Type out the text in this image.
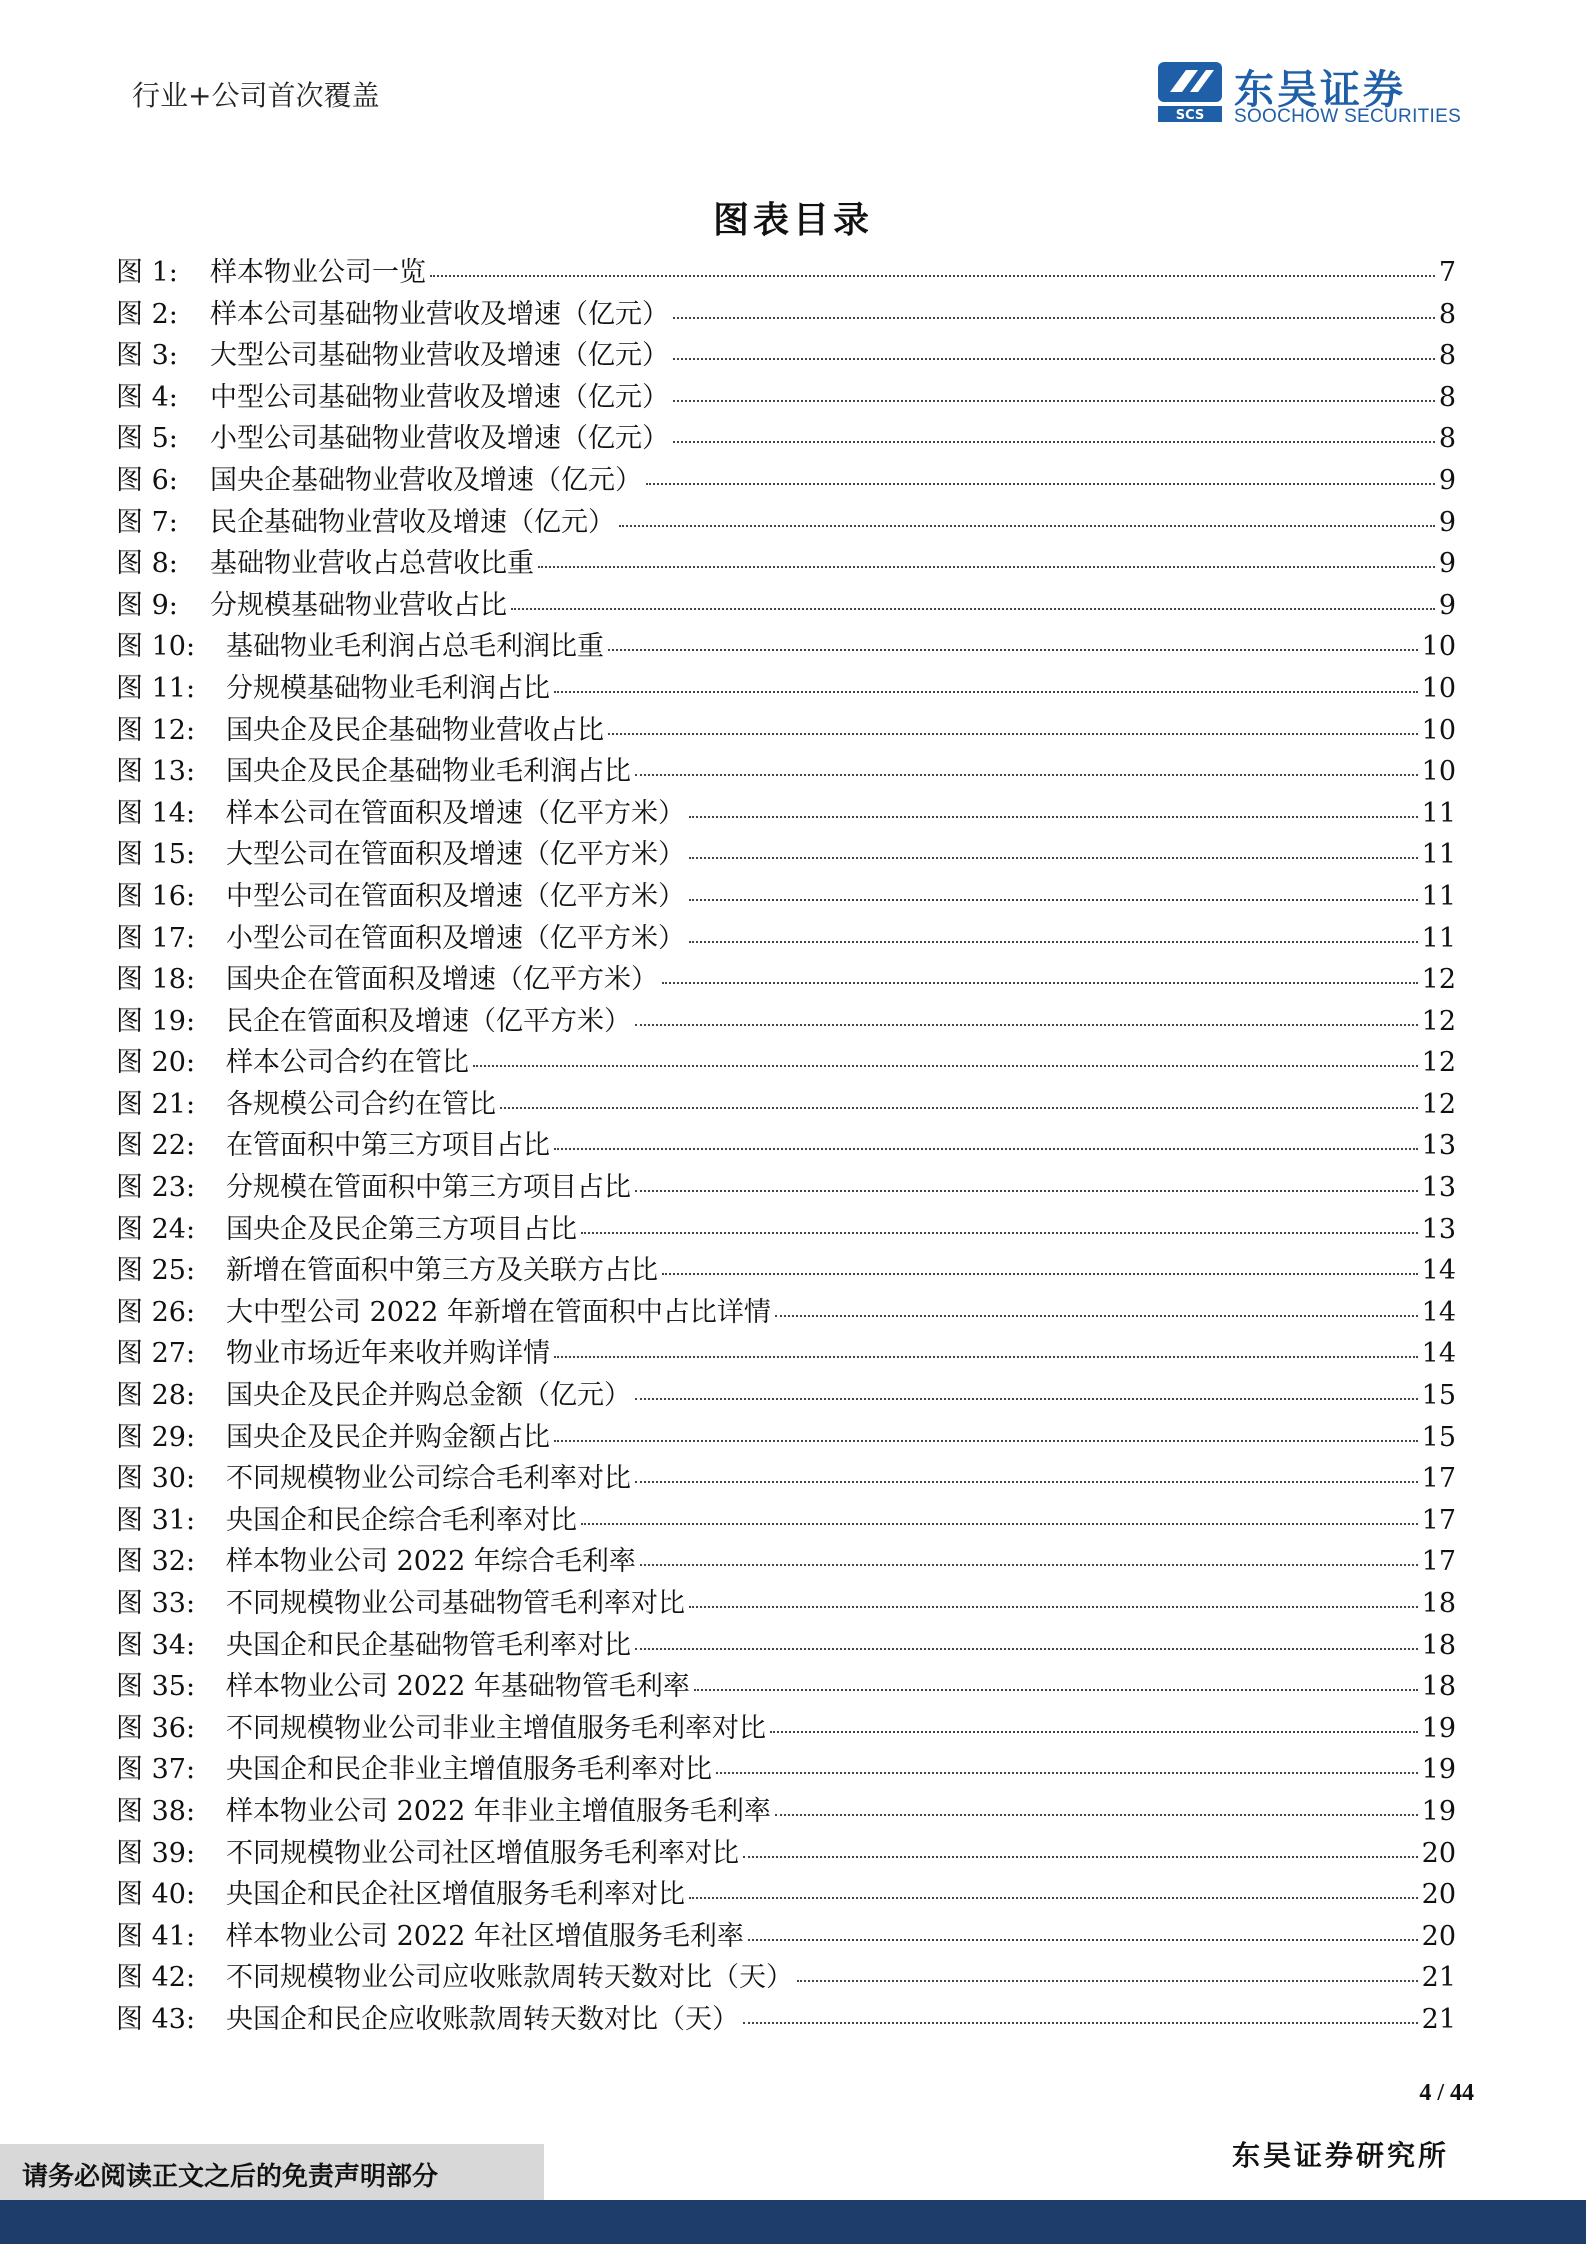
行业+公司首次覆盖
SCS
东吴证券
SOOCHOW SECURITIES
图表目录
图 1:	样本物业公司一览	7
图 2:	样本公司基础物业营收及增速（亿元）	8
图 3:	大型公司基础物业营收及增速（亿元）	8
图 4:	中型公司基础物业营收及增速（亿元）	8
图 5:	小型公司基础物业营收及增速（亿元）	8
图 6:	国央企基础物业营收及增速（亿元）	9
图 7:	民企基础物业营收及增速（亿元）	9
图 8:	基础物业营收占总营收比重	9
图 9:	分规模基础物业营收占比	9
图 10:	基础物业毛利润占总毛利润比重	10
图 11:	分规模基础物业毛利润占比	10
图 12:	国央企及民企基础物业营收占比	10
图 13:	国央企及民企基础物业毛利润占比	10
图 14:	样本公司在管面积及增速（亿平方米）	11
图 15:	大型公司在管面积及增速（亿平方米）	11
图 16:	中型公司在管面积及增速（亿平方米）	11
图 17:	小型公司在管面积及增速（亿平方米）	11
图 18:	国央企在管面积及增速（亿平方米）	12
图 19:	民企在管面积及增速（亿平方米）	12
图 20:	样本公司合约在管比	12
图 21:	各规模公司合约在管比	12
图 22:	在管面积中第三方项目占比	13
图 23:	分规模在管面积中第三方项目占比	13
图 24:	国央企及民企第三方项目占比	13
图 25:	新增在管面积中第三方及关联方占比	14
图 26:	大中型公司 2022 年新增在管面积中占比详情	14
图 27:	物业市场近年来收并购详情	14
图 28:	国央企及民企并购总金额（亿元）	15
图 29:	国央企及民企并购金额占比	15
图 30:	不同规模物业公司综合毛利率对比	17
图 31:	央国企和民企综合毛利率对比	17
图 32:	样本物业公司 2022 年综合毛利率	17
图 33:	不同规模物业公司基础物管毛利率对比	18
图 34:	央国企和民企基础物管毛利率对比	18
图 35:	样本物业公司 2022 年基础物管毛利率	18
图 36:	不同规模物业公司非业主增值服务毛利率对比	19
图 37:	央国企和民企非业主增值服务毛利率对比	19
图 38:	样本物业公司 2022 年非业主增值服务毛利率	19
图 39:	不同规模物业公司社区增值服务毛利率对比	20
图 40:	央国企和民企社区增值服务毛利率对比	20
图 41:	样本物业公司 2022 年社区增值服务毛利率	20
图 42:	不同规模物业公司应收账款周转天数对比（天）	21
图 43:	央国企和民企应收账款周转天数对比（天）	21
4 / 44
请务必阅读正文之后的免责声明部分
东吴证券研究所
